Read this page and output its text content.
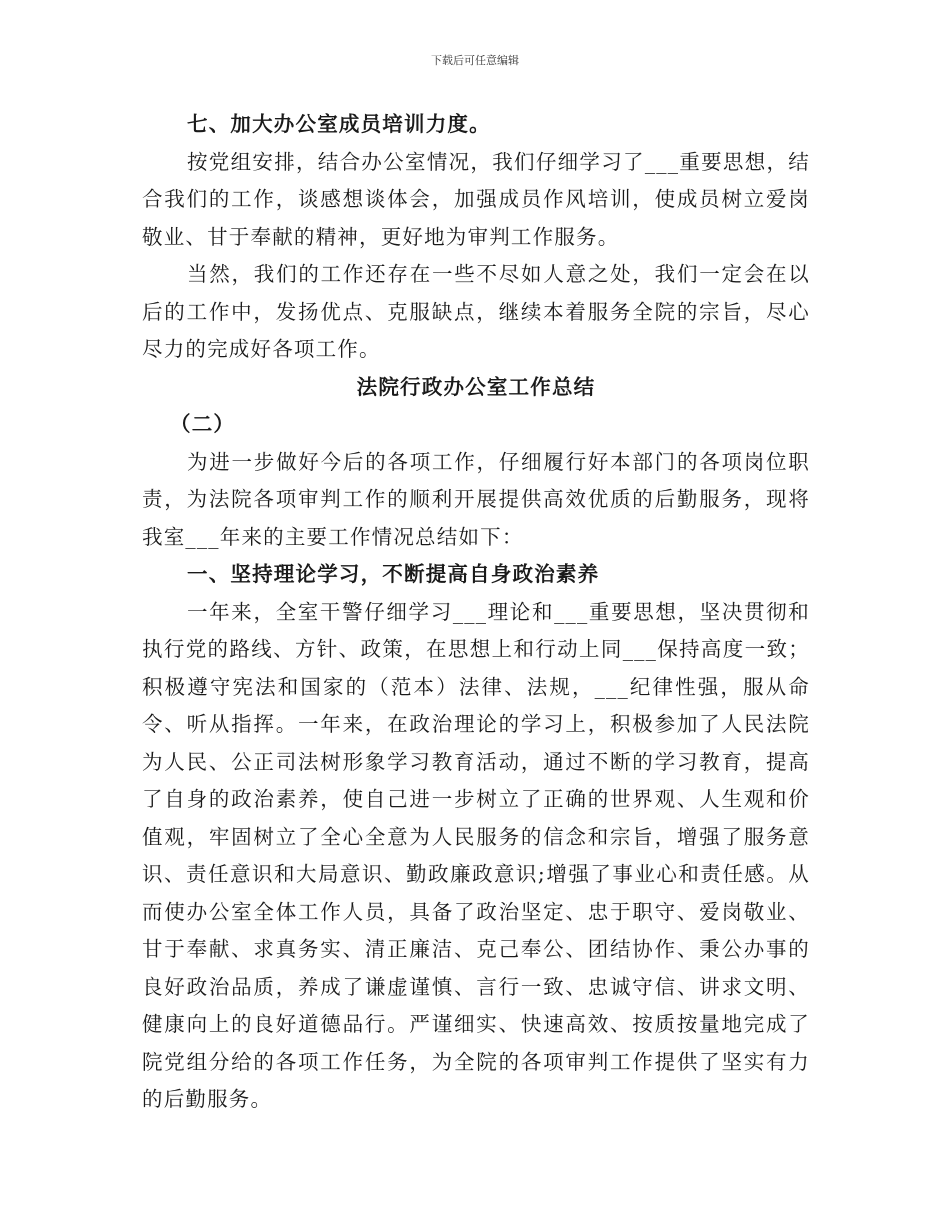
下载后可任意编辑

七、加大办公室成员培训力度。

按党组安排，结合办公室情况，我们仔细学习了___重要思想，结合我们的工作，谈感想谈体会，加强成员作风培训，使成员树立爱岗敬业、甘于奉献的精神，更好地为审判工作服务。

当然，我们的工作还存在一些不尽如人意之处，我们一定会在以后的工作中，发扬优点、克服缺点，继续本着服务全院的宗旨，尽心尽力的完成好各项工作。

法院行政办公室工作总结

（二）

为进一步做好今后的各项工作，仔细履行好本部门的各项岗位职责，为法院各项审判工作的顺利开展提供高效优质的后勤服务，现将我室___年来的主要工作情况总结如下：

一、坚持理论学习，不断提高自身政治素养

一年来，全室干警仔细学习___理论和___重要思想，坚决贯彻和执行党的路线、方针、政策，在思想上和行动上同___保持高度一致；积极遵守宪法和国家的（范本）法律、法规，___纪律性强，服从命令、听从指挥。一年来，在政治理论的学习上，积极参加了人民法院为人民、公正司法树形象学习教育活动，通过不断的学习教育，提高了自身的政治素养，使自己进一步树立了正确的世界观、人生观和价值观，牢固树立了全心全意为人民服务的信念和宗旨，增强了服务意识、责任意识和大局意识、勤政廉政意识;增强了事业心和责任感。从而使办公室全体工作人员，具备了政治坚定、忠于职守、爱岗敬业、甘于奉献、求真务实、清正廉洁、克己奉公、团结协作、秉公办事的良好政治品质，养成了谦虚谨慎、言行一致、忠诚守信、讲求文明、健康向上的良好道德品行。严谨细实、快速高效、按质按量地完成了院党组分给的各项工作任务，为全院的各项审判工作提供了坚实有力的后勤服务。
